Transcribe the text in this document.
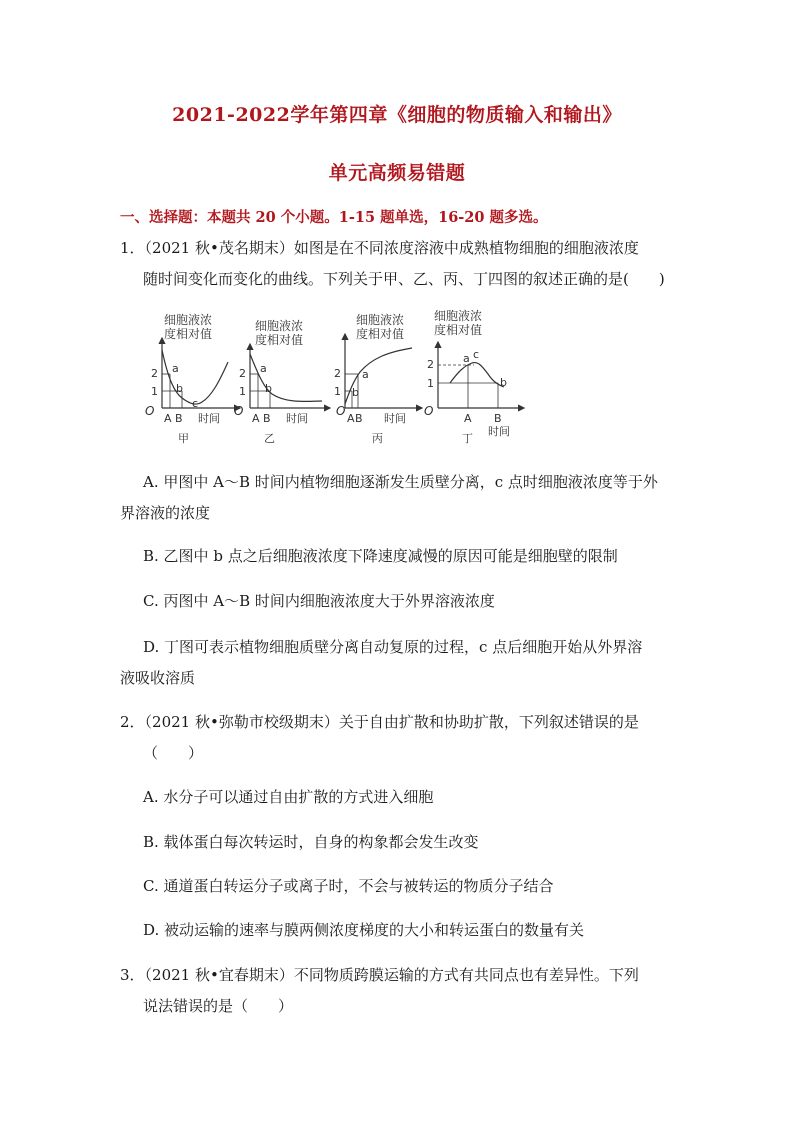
2021-2022学年第四章《细胞的物质输入和输出》
单元高频易错题
一、选择题：本题共 20 个小题。1-15 题单选，16-20 题多选。
1．（2021 秋•茂名期末）如图是在不同浓度溶液中成熟植物细胞的细胞液浓度
随时间变化而变化的曲线。下列关于甲、乙、丙、丁四图的叙述正确的是(　　)
细胞液浓
度相对值
2
1
O
a
b
c
A B 时间
甲
细胞液浓
度相对值
2
1
O
a
b
A B 时间
乙
细胞液浓
度相对值
2
1
O
a
b
A B 时间
丙
细胞液浓
度相对值
2
1
O
a c
b
A B
时间
丁
A. 甲图中 A～B 时间内植物细胞逐渐发生质壁分离，c 点时细胞液浓度等于外
界溶液的浓度
B. 乙图中 b 点之后细胞液浓度下降速度减慢的原因可能是细胞壁的限制
C. 丙图中 A～B 时间内细胞液浓度大于外界溶液浓度
D. 丁图可表示植物细胞质壁分离自动复原的过程，c 点后细胞开始从外界溶
液吸收溶质
2．（2021 秋•弥勒市校级期末）关于自由扩散和协助扩散，下列叙述错误的是
（　　）
A. 水分子可以通过自由扩散的方式进入细胞
B. 载体蛋白每次转运时，自身的构象都会发生改变
C. 通道蛋白转运分子或离子时，不会与被转运的物质分子结合
D. 被动运输的速率与膜两侧浓度梯度的大小和转运蛋白的数量有关
3．（2021 秋•宜春期末）不同物质跨膜运输的方式有共同点也有差异性。下列
说法错误的是（　　）
